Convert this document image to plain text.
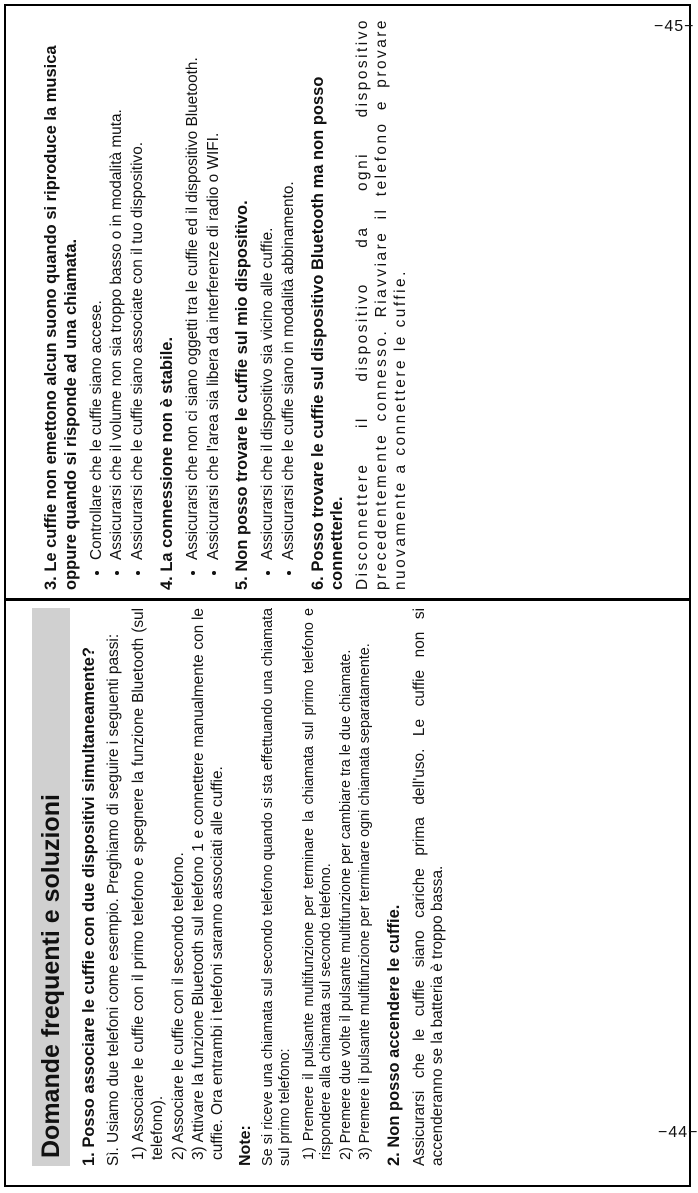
−45−
−44−
3. Le cuffie non emettono alcun suono quando si riproduce la musica oppure quando si risponde ad una chiamata. • Controllare che le cuffie siano accese. • Assicurarsi che il volume non sia troppo basso o in modalità muta. • Assicurarsi che le cuffie siano associate con il tuo dispositivo. 4. La connessione non è stabile. • Assicurarsi che non ci siano oggetti tra le cuffie ed il dispositivo Bluetooth. • Assicurarsi che l'area sia libera da interferenze di radio o WIFI. 5. Non posso trovare le cuffie sul mio dispositivo. • Assicurarsi che il dispositivo sia vicino alle cuffie. • Assicurarsi che le cuffie siano in modalità abbinamento. 6. Posso trovare le cuffie sul dispositivo Bluetooth ma non posso connetterle. Disconnettere il dispositivo da ogni dispositivo precedentemente connesso. Riavviare il telefono e provare nuovamente a connettere le cuffie.

Domande frequenti e soluzioni 1. Posso associare le cuffie con due dispositivi simultaneamente? Sì. Usiamo due telefoni come esempio. Preghiamo di seguire i seguenti passi: 1) Associare le cuffie con il primo telefono e spegnere la funzione Bluetooth (sul telefono). 2) Associare le cuffie con il secondo telefono. 3) Attivare la funzione Bluetooth sul telefono 1 e connettere manualmente con le cuffie. Ora entrambi i telefoni saranno associati alle cuffie. Note: Se si riceve una chiamata sul secondo telefono quando si sta effettuando una chiamata sul primo telefono: 1) Premere il pulsante multifunzione per terminare la chiamata sul primo telefono e rispondere alla chiamata sul secondo telefono. 2) Premere due volte il pulsante multifunzione per cambiare tra le due chiamate. 3) Premere il pulsante multifunzione per terminare ogni chiamata separatamente. 2. Non posso accendere le cuffie. Assicurarsi che le cuffie siano cariche prima dell'uso. Le cuffie non si accenderanno se la batteria è troppo bassa.
